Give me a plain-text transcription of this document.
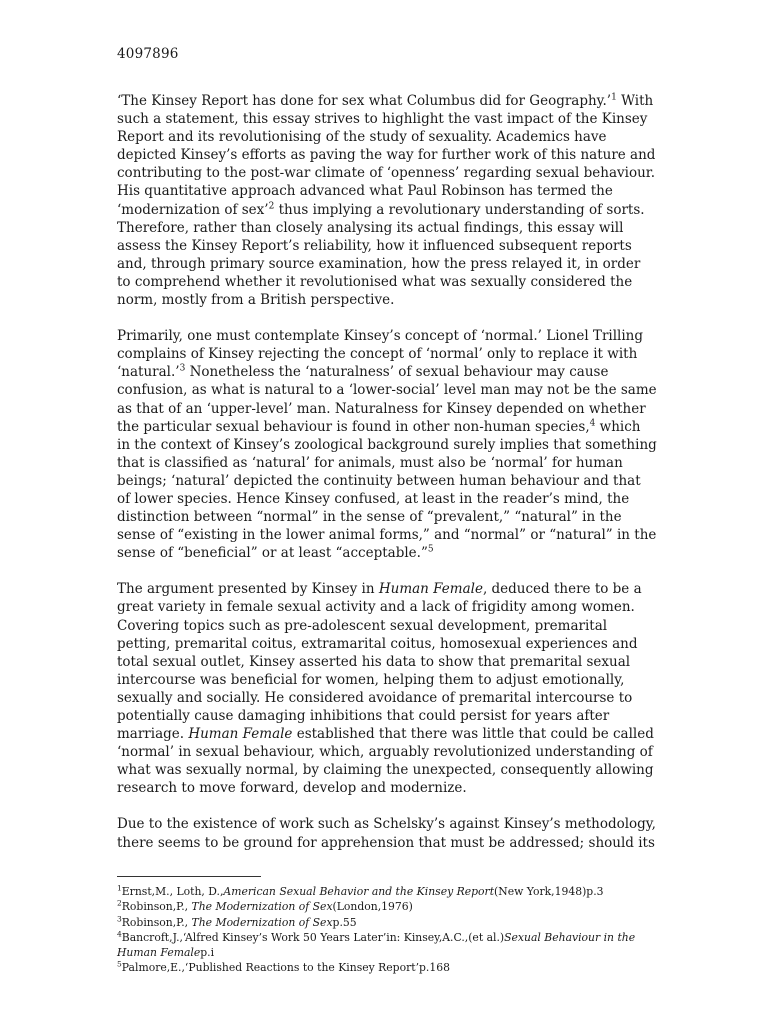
4097896

‘The Kinsey Report has done for sex what Columbus did for Geography.’$^1$ With such a statement, this essay strives to highlight the vast impact of the Kinsey Report and its revolutionising of the study of sexuality. Academics have depicted Kinsey’s efforts as paving the way for further work of this nature and contributing to the post-war climate of ‘openness’ regarding sexual behaviour. His quantitative approach advanced what Paul Robinson has termed the ‘modernization of sex’$^2$ thus implying a revolutionary understanding of sorts. Therefore, rather than closely analysing its actual findings, this essay will assess the Kinsey Report’s reliability, how it influenced subsequent reports and, through primary source examination, how the press relayed it, in order to comprehend whether it revolutionised what was sexually considered the norm, mostly from a British perspective.

Primarily, one must contemplate Kinsey’s concept of ‘normal.’ Lionel Trilling complains of Kinsey rejecting the concept of ‘normal’ only to replace it with ‘natural.’$^3$ Nonetheless the ‘naturalness’ of sexual behaviour may cause confusion, as what is natural to a ‘lower-social’ level man may not be the same as that of an ‘upper-level’ man. Naturalness for Kinsey depended on whether the particular sexual behaviour is found in other non-human species,$^4$ which in the context of Kinsey’s zoological background surely implies that something that is classified as ‘natural’ for animals, must also be ‘normal’ for human beings; ‘natural’ depicted the continuity between human behaviour and that of lower species. Hence Kinsey confused, at least in the reader’s mind, the distinction between “normal” in the sense of “prevalent,” “natural” in the sense of “existing in the lower animal forms,” and “normal” or “natural” in the sense of “beneficial” or at least “acceptable.”$^5$

The argument presented by Kinsey in Human Female, deduced there to be a great variety in female sexual activity and a lack of frigidity among women. Covering topics such as pre-adolescent sexual development, premarital petting, premarital coitus, extramarital coitus, homosexual experiences and total sexual outlet, Kinsey asserted his data to show that premarital sexual intercourse was beneficial for women, helping them to adjust emotionally, sexually and socially. He considered avoidance of premarital intercourse to potentially cause damaging inhibitions that could persist for years after marriage. Human Female established that there was little that could be called ‘normal’ in sexual behaviour, which, arguably revolutionized understanding of what was sexually normal, by claiming the unexpected, consequently allowing research to move forward, develop and modernize.

Due to the existence of work such as Schelsky’s against Kinsey’s methodology, there seems to be ground for apprehension that must be addressed; should its

$^1$Ernst,M., Loth, D.,American Sexual Behavior and the Kinsey Report(New York,1948)p.3
$^2$Robinson,P., The Modernization of Sex(London,1976)
$^3$Robinson,P., The Modernization of Sexp.55
$^4$Bancroft,J.,‘Alfred Kinsey’s Work 50 Years Later’in: Kinsey,A.C.,(et al.)Sexual Behaviour in the Human Femalep.i
$^5$Palmore,E.,‘Published Reactions to the Kinsey Report’p.168
